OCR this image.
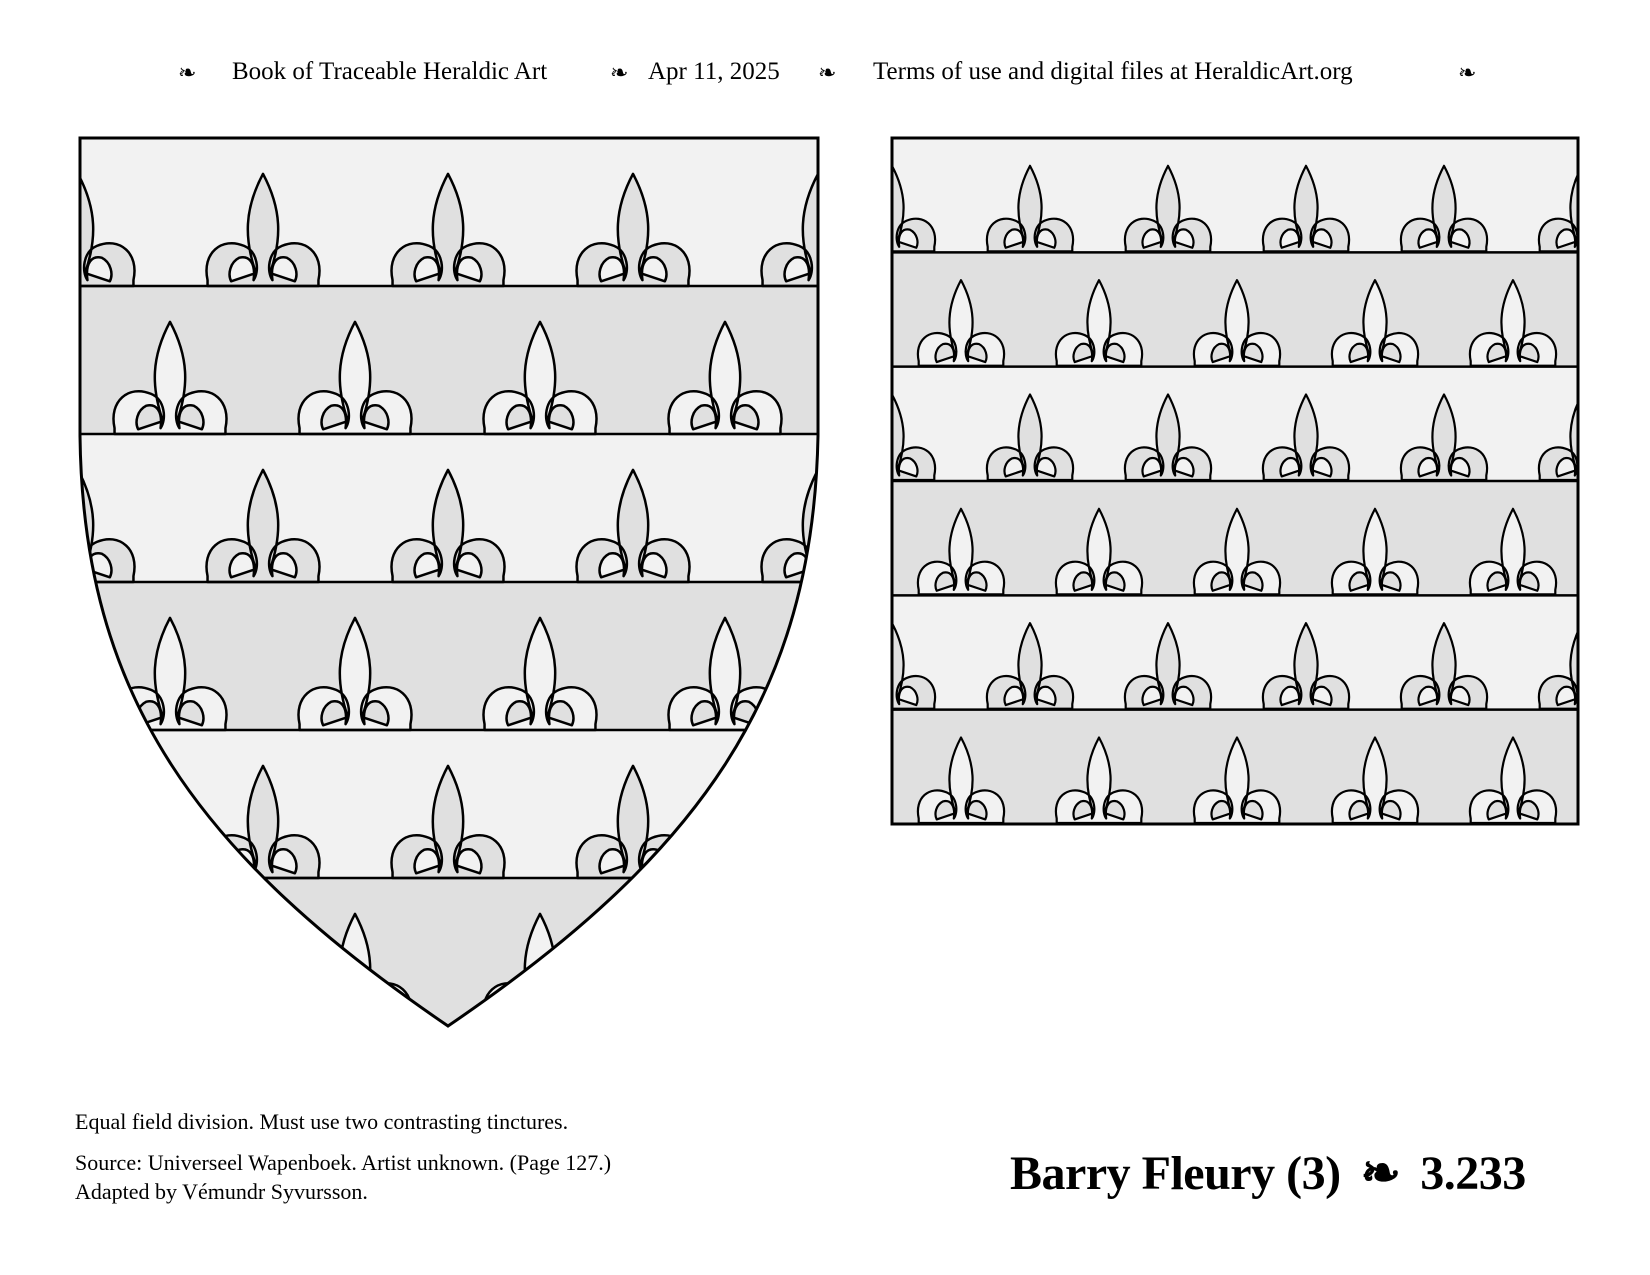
❧ Book of Traceable Heraldic Art	❧ Apr 11, 2025 ❧ Terms of use and digital files at HeraldicArt.org	❧
Equal field division. Must use two contrasting tinctures.
Source: Universeel Wapenboek. Artist unknown. (Page 127.)
Adapted by Vémundr Syvursson.	Barry Fleury (3) ❧ 3.233
